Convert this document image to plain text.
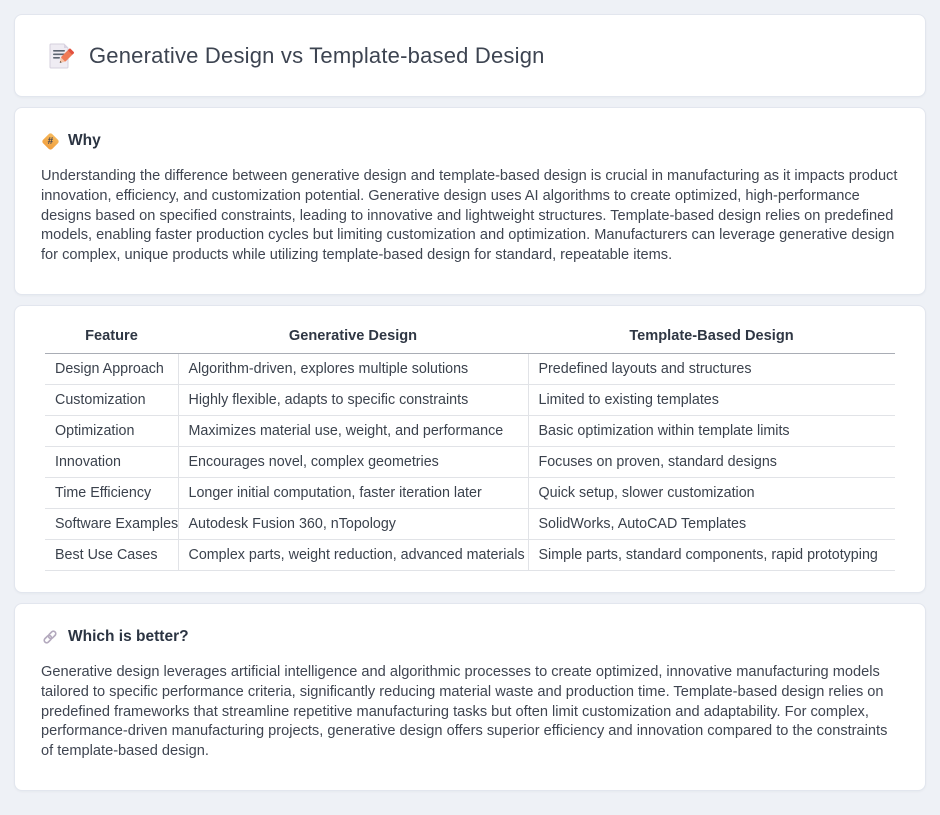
Generative Design vs Template-based Design
# Why

Understanding the difference between generative design and template-based design is crucial in manufacturing as it impacts product innovation, efficiency, and customization potential. Generative design uses AI algorithms to create optimized, high-performance designs based on specified constraints, leading to innovative and lightweight structures. Template-based design relies on predefined models, enabling faster production cycles but limiting customization and optimization. Manufacturers can leverage generative design for complex, unique products while utilizing template-based design for standard, repeatable items.

Feature	Generative Design	Template-Based Design
Design Approach	Algorithm-driven, explores multiple solutions	Predefined layouts and structures
Customization	Highly flexible, adapts to specific constraints	Limited to existing templates
Optimization	Maximizes material use, weight, and performance	Basic optimization within template limits
Innovation	Encourages novel, complex geometries	Focuses on proven, standard designs
Time Efficiency	Longer initial computation, faster iteration later	Quick setup, slower customization
Software Examples	Autodesk Fusion 360, nTopology	SolidWorks, AutoCAD Templates
Best Use Cases	Complex parts, weight reduction, advanced materials	Simple parts, standard components, rapid prototyping
Which is better?

Generative design leverages artificial intelligence and algorithmic processes to create optimized, innovative manufacturing models tailored to specific performance criteria, significantly reducing material waste and production time. Template-based design relies on predefined frameworks that streamline repetitive manufacturing tasks but often limit customization and adaptability. For complex, performance-driven manufacturing projects, generative design offers superior efficiency and innovation compared to the constraints of template-based design.
